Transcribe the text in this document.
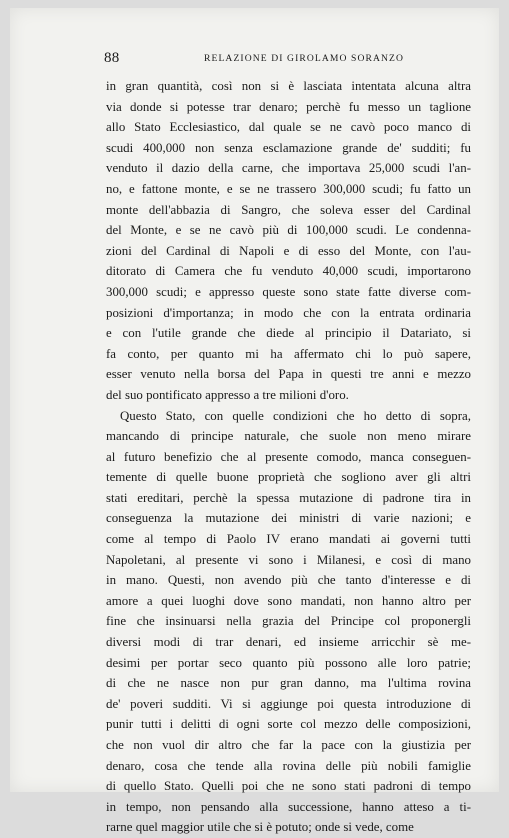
88	RELAZIONE DI GIROLAMO SORANZO
in gran quantità, così non si è lasciata intentata alcuna altra
via donde si potesse trar denaro; perchè fu messo un taglione
allo Stato Ecclesiastico, dal quale se ne cavò poco manco di
scudi 400,000 non senza esclamazione grande de' sudditi; fu
venduto il dazio della carne, che importava 25,000 scudi l'an-
no, e fattone monte, e se ne trassero 300,000 scudi; fu fatto un
monte dell'abbazia di Sangro, che soleva esser del Cardinal
del Monte, e se ne cavò più di 100,000 scudi. Le condenna-
zioni del Cardinal di Napoli e di esso del Monte, con l'au-
ditorato di Camera che fu venduto 40,000 scudi, importarono
300,000 scudi; e appresso queste sono state fatte diverse com-
posizioni d'importanza; in modo che con la entrata ordinaria
e con l'utile grande che diede al principio il Datariato, si
fa conto, per quanto mi ha affermato chi lo può sapere,
esser venuto nella borsa del Papa in questi tre anni e mezzo
del suo pontificato appresso a tre milioni d'oro.
Questo Stato, con quelle condizioni che ho detto di sopra,
mancando di principe naturale, che suole non meno mirare
al futuro benefizio che al presente comodo, manca conseguen-
temente di quelle buone proprietà che sogliono aver gli altri
stati ereditari, perchè la spessa mutazione di padrone tira in
conseguenza la mutazione dei ministri di varie nazioni; e
come al tempo di Paolo IV erano mandati ai governi tutti
Napoletani, al presente vi sono i Milanesi, e così di mano
in mano. Questi, non avendo più che tanto d'interesse e di
amore a quei luoghi dove sono mandati, non hanno altro per
fine che insinuarsi nella grazia del Principe col proponergli
diversi modi di trar denari, ed insieme arricchir sè me-
desimi per portar seco quanto più possono alle loro patrie;
di che ne nasce non pur gran danno, ma l'ultima rovina
de' poveri sudditi. Vi si aggiunge poi questa introduzione di
punir tutti i delitti di ogni sorte col mezzo delle composizioni,
che non vuol dir altro che far la pace con la giustizia per
denaro, cosa che tende alla rovina delle più nobili famiglie
di quello Stato. Quelli poi che ne sono stati padroni di tempo
in tempo, non pensando alla successione, hanno atteso a ti-
rarne quel maggior utile che si è potuto; onde si vede, come
